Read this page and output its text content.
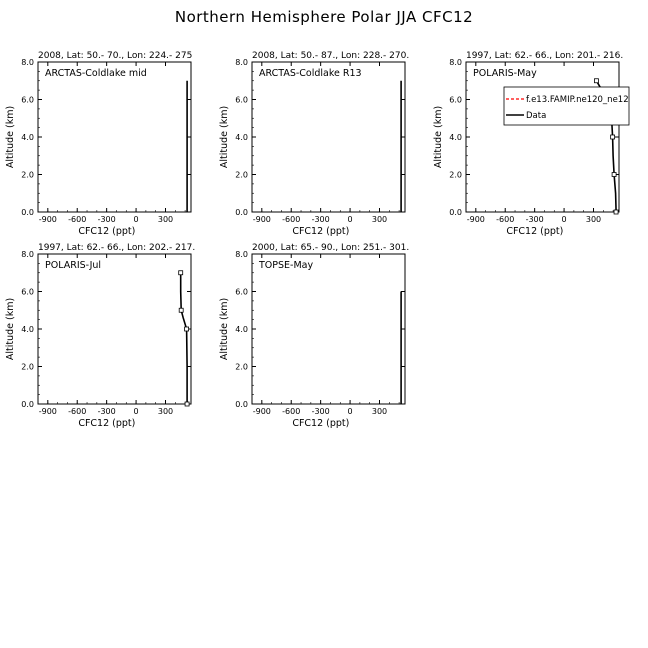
Northern Hemisphere Polar JJA CFC12
2008, Lat: 50.- 70., Lon: 224.- 275
ARCTAS-Coldlake mid
-900 -600 -300 0 300
0.0
2.0
4.0
6.0
8.0
CFC12 (ppt)
Altitude (km)
2008, Lat: 50.- 87., Lon: 228.- 270.
ARCTAS-Coldlake R13
-900 -600 -300 0 300
0.0
2.0
4.0
6.0
8.0
CFC12 (ppt)
Altitude (km)
1997, Lat: 62.- 66., Lon: 201.- 216.
POLARIS-May
-900 -600 -300 0 300
0.0
2.0
4.0
6.0
8.0
CFC12 (ppt)
Altitude (km)
f.e13.FAMIP.ne120_ne12
Data
1997, Lat: 62.- 66., Lon: 202.- 217.
POLARIS-Jul
-900 -600 -300 0 300
0.0
2.0
4.0
6.0
8.0
CFC12 (ppt)
Altitude (km)
2000, Lat: 65.- 90., Lon: 251.- 301.
TOPSE-May
-900 -600 -300 0 300
0.0
2.0
4.0
6.0
8.0
CFC12 (ppt)
Altitude (km)
